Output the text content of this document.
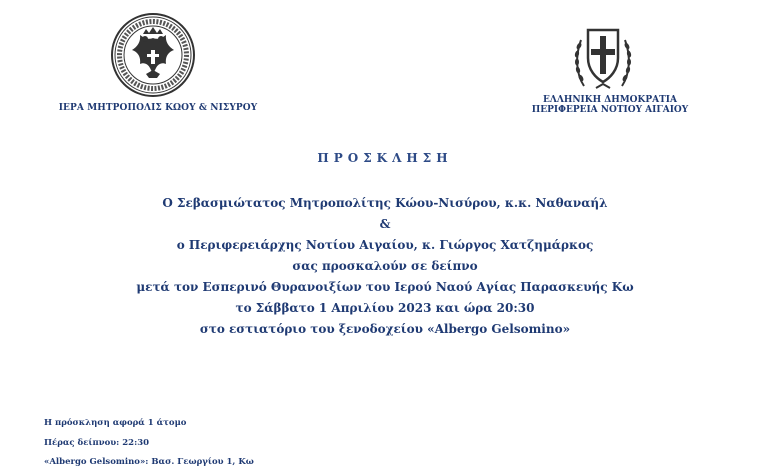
ΙΕΡΑ ΜΗΤΡΟΠΟΛΙΣ ΚΩΟΥ & ΝΙΣΥΡΟΥ
ΕΛΛΗΝΙΚΗ ΔΗΜΟΚΡΑΤΙΑ
ΠΕΡΙΦΕΡΕΙΑ ΝΟΤΙΟΥ ΑΙΓΑΙΟΥ
ΠΡΟΣΚΛΗΣΗ
Ο Σεβασμιώτατος Μητροπολίτης Κώου-Νισύρου, κ.κ. Ναθαναήλ
&
ο Περιφερειάρχης Νοτίου Αιγαίου, κ. Γιώργος Χατζημάρκος
σας προσκαλούν σε δείπνο
μετά τον Εσπερινό Θυρανοιξίων του Ιερού Ναού Αγίας Παρασκευής Κω
το Σάββατο 1 Απριλίου 2023 και ώρα 20:30
στο εστιατόριο του ξενοδοχείου «Albergo Gelsomino»
Η πρόσκληση αφορά 1 άτομο
Πέρας δείπνου: 22:30
«Albergo Gelsomino»: Βασ. Γεωργίου 1, Κω
